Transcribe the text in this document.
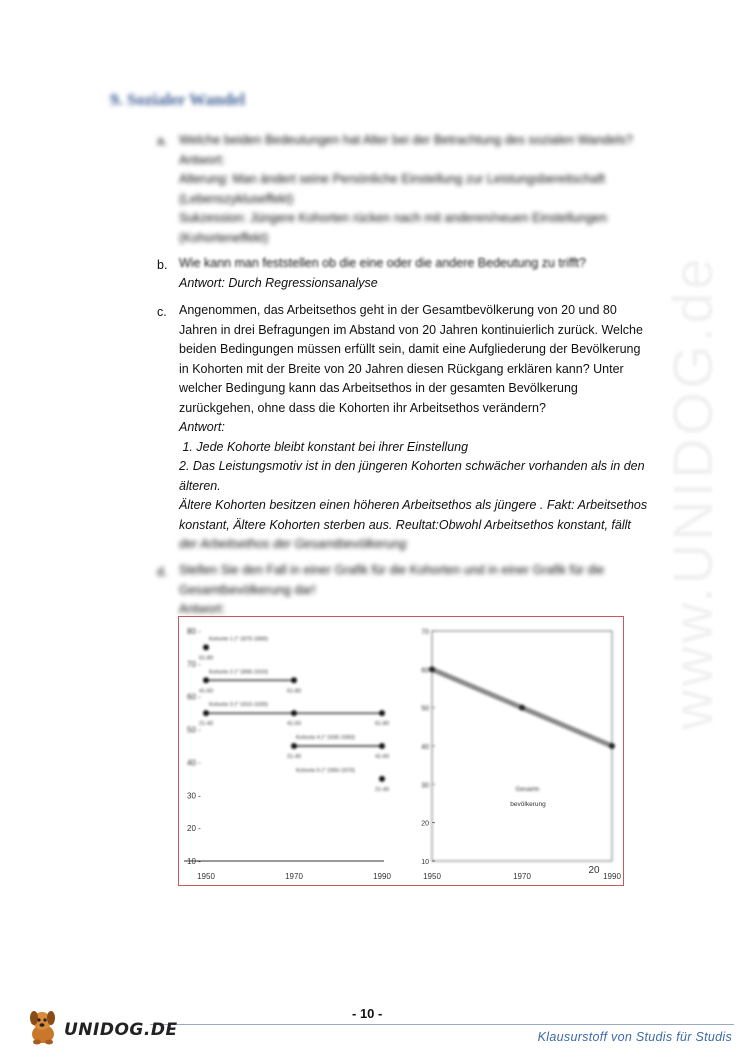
www.UNIDOG.de
9. Sozialer Wandel
a. Welche beiden Bedeutungen hat Alter bei der Betrachtung des sozialen Wandels?
Antwort:
Alterung: Man ändert seine Persönliche Einstellung zur Leistungsbereitschaft
(Lebenszykluseffekt)
Sukzession: Jüngere Kohorten rücken nach mit anderen/neuen Einstellungen
(Kohorteneffekt)
b. Wie kann man feststellen ob die eine oder die andere Bedeutung zu trifft?
Antwort: Durch Regressionsanalyse
c. Angenommen, das Arbeitsethos geht in der Gesamtbevölkerung von 20 und 80
Jahren in drei Befragungen im Abstand von 20 Jahren kontinuierlich zurück. Welche
beiden Bedingungen müssen erfüllt sein, damit eine Aufgliederung der Bevölkerung
in Kohorten mit der Breite von 20 Jahren diesen Rückgang erklären kann? Unter
welcher Bedingung kann das Arbeitsethos in der gesamten Bevölkerung
zurückgehen, ohne dass die Kohorten ihr Arbeitsethos verändern?
Antwort:
1. Jede Kohorte bleibt konstant bei ihrer Einstellung
2. Das Leistungsmotiv ist in den jüngeren Kohorten schwächer vorhanden als in den
älteren.
Ältere Kohorten besitzen einen höheren Arbeitsethos als jüngere . Fakt: Arbeitsethos
konstant, Ältere Kohorten sterben aus. Reultat:Obwohl Arbeitsethos konstant, fällt
der Arbeitsethos der Gesamtbevölkerung
d. Stellen Sie den Fall in einer Grafik für die Kohorten und in einer Grafik für die
Gesamtbevölkerung dar!
Antwort:
40 -
50 -
60 -
70 -
80 -
Kohorte 1 (* 1870-1890)
61-80
Kohorte 2 (* 1890-1910)
41-60	61-80
Kohorte 3 (* 1910-1930)
21-40	41-60	61-80
Kohorte 4 (* 1930-1950)
21-40	41-60
Kohorte 5 (* 1950-1970)
21-40
30
40
50
60
70
Gesamt-
10 -
20 -
30 -
1950	1970	1990
10
20
1950	1970	1990
bevölkerung
20
- 10 -
UNIDOG.DE	Klausurstoff von Studis für Studis
